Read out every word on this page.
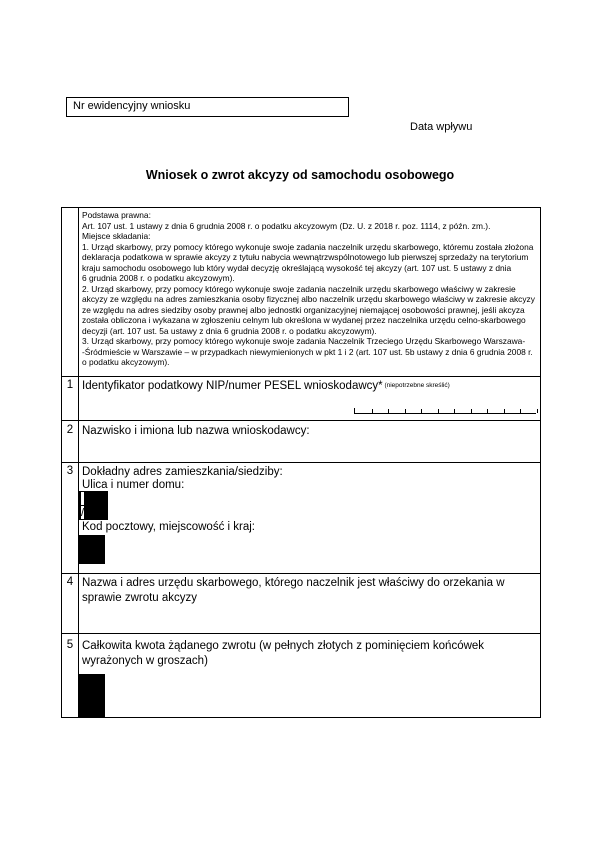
Nr ewidencyjny wniosku
Data wpływu
Wniosek o zwrot akcyzy od samochodu osobowego
Podstawa prawna:
Art. 107 ust. 1 ustawy z dnia 6 grudnia 2008 r. o podatku akcyzowym (Dz. U. z 2018 r. poz. 1114, z późn. zm.).
Miejsce składania:
1. Urząd skarbowy, przy pomocy którego wykonuje swoje zadania naczelnik urzędu skarbowego, któremu została złożona
deklaracja podatkowa w sprawie akcyzy z tytułu nabycia wewnątrzwspólnotowego lub pierwszej sprzedaży na terytorium
kraju samochodu osobowego lub który wydał decyzję określającą wysokość tej akcyzy (art. 107 ust. 5 ustawy z dnia
6 grudnia 2008 r. o podatku akcyzowym).
2. Urząd skarbowy, przy pomocy którego wykonuje swoje zadania naczelnik urzędu skarbowego właściwy w zakresie
akcyzy ze względu na adres zamieszkania osoby fizycznej albo naczelnik urzędu skarbowego właściwy w zakresie akcyzy
ze względu na adres siedziby osoby prawnej albo jednostki organizacyjnej niemającej osobowości prawnej, jeśli akcyza
została obliczona i wykazana w zgłoszeniu celnym lub określona w wydanej przez naczelnika urzędu celno-skarbowego
decyzji (art. 107 ust. 5a ustawy z dnia 6 grudnia 2008 r. o podatku akcyzowym).
3. Urząd skarbowy, przy pomocy którego wykonuje swoje zadania Naczelnik Trzeciego Urzędu Skarbowego Warszawa-
-Śródmieście w Warszawie – w przypadkach niewymienionych w pkt 1 i 2 (art. 107 ust. 5b ustawy z dnia 6 grudnia 2008 r.
o podatku akcyzowym).
1 Identyfikator podatkowy NIP/numer PESEL wnioskodawcy* $^{(niepotrzebne skreślić)}$
2 Nazwisko i imiona lub nazwa wnioskodawcy:
3 Dokładny adres zamieszkania/siedziby:
Ulica i numer domu:

		/																							
Kod pocztowy, miejscowość i kraj:

4 Nazwa i adres urzędu skarbowego, którego naczelnik jest właściwy do orzekania w sprawie zwrotu akcyzy
5 Całkowita kwota żądanego zwrotu (w pełnych złotych z pominięciem końcówek wyrażonych w groszach)
